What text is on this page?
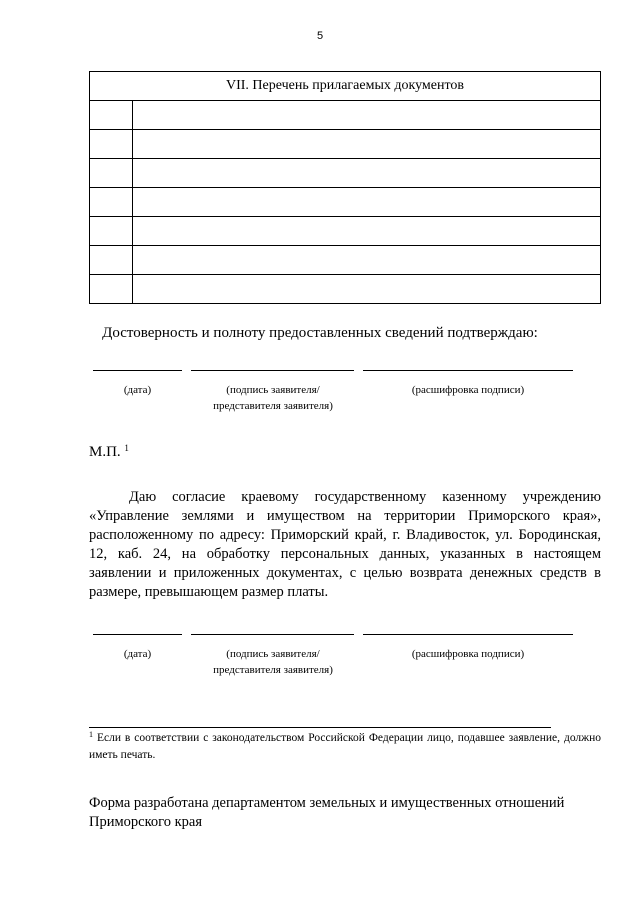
5
VII. Перечень прилагаемых документов	

Достоверность и полноту предоставленных сведений подтверждаю:
(дата)	(подпись заявителя/представителя заявителя)
(расшифровка подписи)
М.П. $^1$

Даю согласие краевому государственному казенному учреждению «Управление землями и имуществом на территории Приморского края», расположенному по адресу: Приморский край, г. Владивосток, ул. Бородинская, 12, каб. 24, на обработку персональных данных, указанных в настоящем заявлении и приложенных документах, с целью возврата денежных средств в размере, превышающем размер платы.

(дата)	(подпись заявителя/представителя заявителя)
(расшифровка подписи)
$^1$ Если в соответствии с законодательством Российской Федерации лицо, подавшее заявление, должно иметь печать.
Форма разработана департаментом земельных и имущественных отношений Приморского края
